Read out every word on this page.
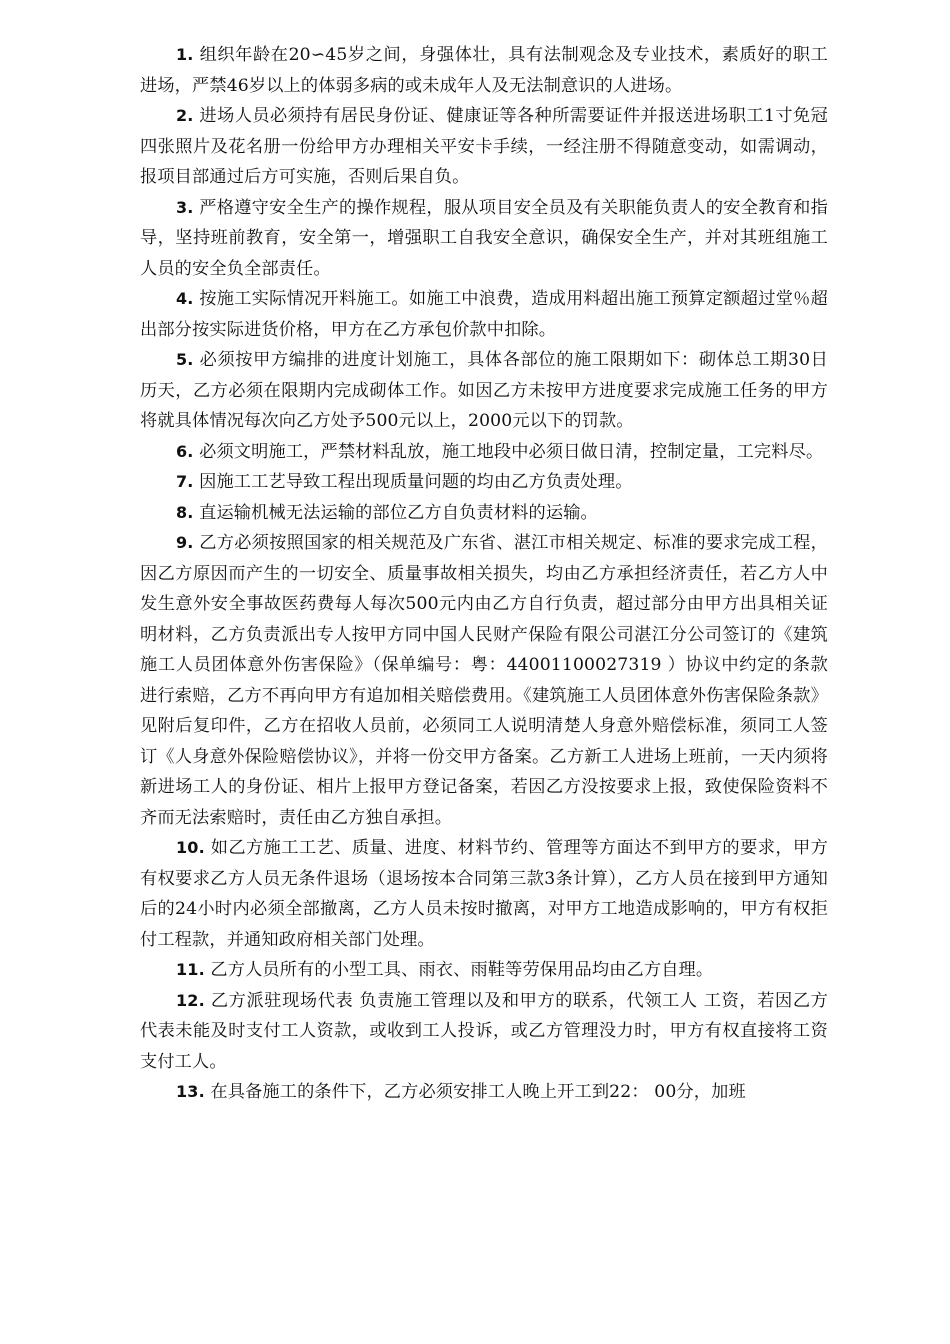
1. 组织年龄在20∽45岁之间，身强体壮，具有法制观念及专业技术，素质好的职工进场，严禁46岁以上的体弱多病的或未成年人及无法制意识的人进场。

2. 进场人员必须持有居民身份证、健康证等各种所需要证件并报送进场职工1寸免冠四张照片及花名册一份给甲方办理相关平安卡手续，一经注册不得随意变动，如需调动，报项目部通过后方可实施，否则后果自负。

3. 严格遵守安全生产的操作规程，服从项目安全员及有关职能负责人的安全教育和指导，坚持班前教育，安全第一，增强职工自我安全意识，确保安全生产，并对其班组施工人员的安全负全部责任。

4. 按施工实际情况开料施工。如施工中浪费，造成用料超出施工预算定额超过堂％超出部分按实际进货价格，甲方在乙方承包价款中扣除。

5. 必须按甲方编排的进度计划施工，具体各部位的施工限期如下：砌体总工期30日历天，乙方必须在限期内完成砌体工作。如因乙方未按甲方进度要求完成施工任务的甲方将就具体情况每次向乙方处予500元以上，2000元以下的罚款。

6. 必须文明施工，严禁材料乱放，施工地段中必须日做日清，控制定量，工完料尽。

7. 因施工工艺导致工程出现质量问题的均由乙方负责处理。

8. 直运输机械无法运输的部位乙方自负责材料的运输。

9. 乙方必须按照国家的相关规范及广东省、湛江市相关规定、标准的要求完成工程，因乙方原因而产生的一切安全、质量事故相关损失，均由乙方承担经济责任，若乙方人中发生意外安全事故医药费每人每次500元内由乙方自行负责，超过部分由甲方出具相关证明材料，乙方负责派出专人按甲方同中国人民财产保险有限公司湛江分公司签订的《建筑施工人员团体意外伤害保险》（保单编号：粤：44001100027319 ）协议中约定的条款进行索赔，乙方不再向甲方有追加相关赔偿费用。《建筑施工人员团体意外伤害保险条款》见附后复印件，乙方在招收人员前，必须同工人说明清楚人身意外赔偿标准，须同工人签订《人身意外保险赔偿协议》，并将一份交甲方备案。乙方新工人进场上班前，一天内须将新进场工人的身份证、相片上报甲方登记备案，若因乙方没按要求上报，致使保险资料不齐而无法索赔时，责任由乙方独自承担。

10. 如乙方施工工艺、质量、进度、材料节约、管理等方面达不到甲方的要求，甲方有权要求乙方人员无条件退场（退场按本合同第三款3条计算），乙方人员在接到甲方通知后的24小时内必须全部撤离，乙方人员未按时撤离，对甲方工地造成影响的，甲方有权拒付工程款，并通知政府相关部门处理。

11. 乙方人员所有的小型工具、雨衣、雨鞋等劳保用品均由乙方自理。

12. 乙方派驻现场代表 负责施工管理以及和甲方的联系，代领工人 工资，若因乙方代表未能及时支付工人资款，或收到工人投诉，或乙方管理没力时，甲方有权直接将工资支付工人。

13. 在具备施工的条件下，乙方必须安排工人晚上开工到22： 00分，加班
